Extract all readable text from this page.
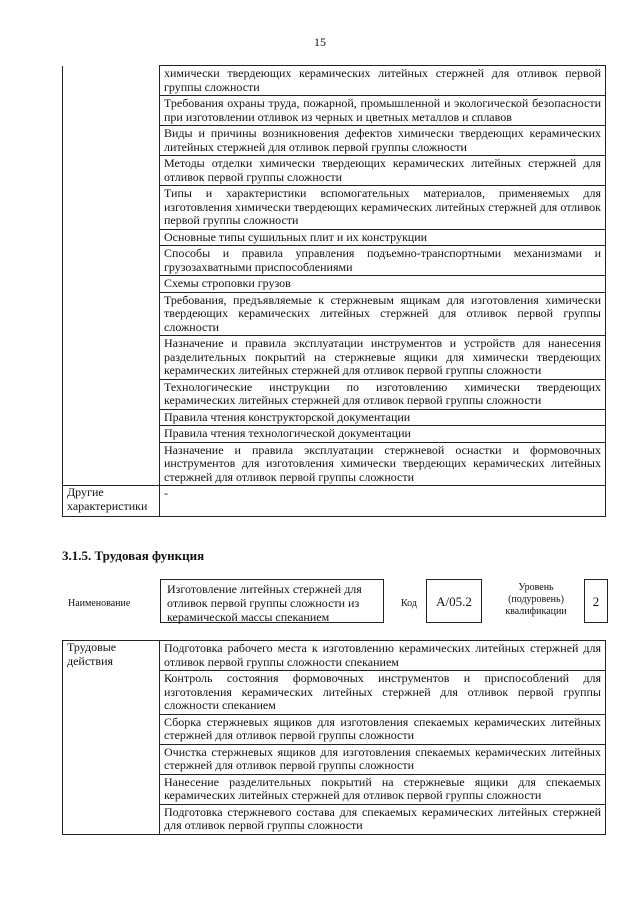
15
	химически твердеющих керамических литейных стержней для отливок первой группы сложности
	Требования охраны труда, пожарной, промышленной и экологической безопасности при изготовлении отливок из черных и цветных металлов и сплавов
	Виды и причины возникновения дефектов химически твердеющих керамических литейных стержней для отливок первой группы сложности
	Методы отделки химически твердеющих керамических литейных стержней для отливок первой группы сложности
	Типы и характеристики вспомогательных материалов, применяемых для изготовления химически твердеющих керамических литейных стержней для отливок первой группы сложности
	Основные типы сушильных плит и их конструкции
	Способы и правила управления подъемно-транспортными механизмами и грузозахватными приспособлениями
	Схемы строповки грузов
	Требования, предъявляемые к стержневым ящикам для изготовления химически твердеющих керамических литейных стержней для отливок первой группы сложности
	Назначение и правила эксплуатации инструментов и устройств для нанесения разделительных покрытий на стержневые ящики для химически твердеющих керамических литейных стержней для отливок первой группы сложности
	Технологические инструкции по изготовлению химически твердеющих керамических литейных стержней для отливок первой группы сложности
	Правила чтения конструкторской документации
	Правила чтения технологической документации
	Назначение и правила эксплуатации стержневой оснастки и формовочных инструментов для изготовления химически твердеющих керамических литейных стержней для отливок первой группы сложности
Другие характеристики	-
3.1.5. Трудовая функция
Наименование
Изготовление литейных стержней для отливок первой группы сложности из керамической массы спеканием
Код	А/05.2
Уровень (подуровень) квалификации
2
Трудовые действия	Подготовка рабочего места к изготовлению керамических литейных стержней для отливок первой группы сложности спеканием
Контроль состояния формовочных инструментов и приспособлений для изготовления керамических литейных стержней для отливок первой группы сложности спеканием
Сборка стержневых ящиков для изготовления спекаемых керамических литейных стержней для отливок первой группы сложности
Очистка стержневых ящиков для изготовления спекаемых керамических литейных стержней для отливок первой группы сложности
Нанесение разделительных покрытий на стержневые ящики для спекаемых керамических литейных стержней для отливок первой группы сложности
Подготовка стержневого состава для спекаемых керамических литейных стержней для отливок первой группы сложности
